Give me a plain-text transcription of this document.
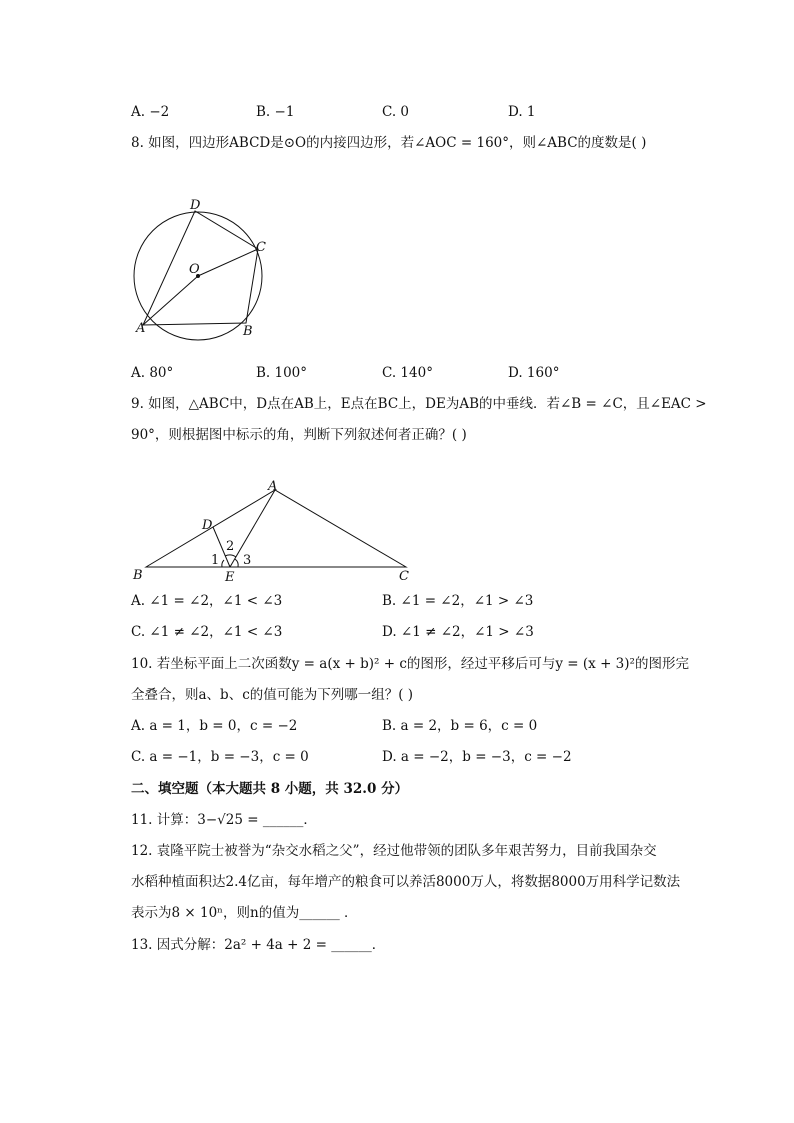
A. −2	B. −1	C. 0	D. 1
8. 如图，四边形ABCD是⊙O的内接四边形，若∠AOC = 160°，则∠ABC的度数是( )
D
C
O
A	B
A. 80°	B. 100°	C. 140°	D. 160°
9. 如图，△ABC中，D点在AB上，E点在BC上，DE为AB的中垂线．若∠B = ∠C，且∠EAC >
90°，则根据图中标示的角，判断下列叙述何者正确？( )
A
D
B	E	C
1
2
3
A. ∠1 = ∠2，∠1 < ∠3	B. ∠1 = ∠2，∠1 > ∠3
C. ∠1 ≠ ∠2，∠1 < ∠3	D. ∠1 ≠ ∠2，∠1 > ∠3
10. 若坐标平面上二次函数y = a(x + b)² + c的图形，经过平移后可与y = (x + 3)²的图形完
全叠合，则a、b、c的值可能为下列哪一组？( )
A. a = 1，b = 0，c = −2	B. a = 2，b = 6，c = 0
C. a = −1，b = −3，c = 0	D. a = −2，b = −3，c = −2
二、填空题（本大题共 8 小题，共 32.0 分）
11. 计算：3−√25 = ______．
12. 袁隆平院士被誉为“杂交水稻之父”，经过他带领的团队多年艰苦努力，目前我国杂交
水稻种植面积达2.4亿亩，每年增产的粮食可以养活8000万人，将数据8000万用科学记数法
表示为8 × 10ⁿ，则n的值为______ ．
13. 因式分解：2a² + 4a + 2 = ______．
